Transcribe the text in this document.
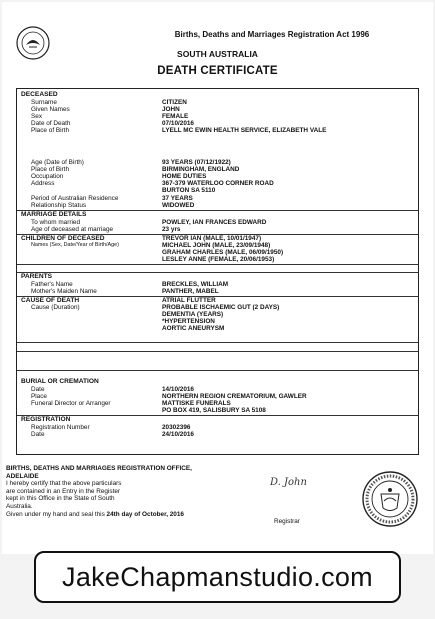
Births, Deaths and Marriages Registration Act 1996
SOUTH AUSTRALIA
DEATH CERTIFICATE
DECEASED
Surname	CITIZEN
Given Names	JOHN
Sex	FEMALE
Date of Death	07/10/2016
Place of Birth	LYELL MC EWIN HEALTH SERVICE, ELIZABETH VALE
Age (Date of Birth)	93 YEARS (07/12/1922)
Place of Birth	BIRMINGHAM, ENGLAND
Occupation	HOME DUTIES
Address	367-379 WATERLOO CORNER ROAD
BURTON SA 5110
Period of Australian Residence	37 YEARS
Relationship Status	WIDOWED
MARRIAGE DETAILS
To whom married	POWLEY, IAN FRANCES EDWARD
Age of deceased at marriage	23 yrs
CHILDREN OF DECEASED
Names (Sex, Date/Year of Birth/Age)
TREVOR IAN (MALE, 10/01/1947)
MICHAEL JOHN (MALE, 23/09/1948)
GRAHAM CHARLES (MALE, 06/09/1950)
LESLEY ANNE (FEMALE, 20/06/1953)
PARENTS
Father's Name	BRECKLES, WILLIAM
Mother's Maiden Name	PANTHER, MABEL
CAUSE OF DEATH
Cause (Duration)
ATRIAL FLUTTER
PROBABLE ISCHAEMIC GUT (2 DAYS)
DEMENTIA (YEARS)
*HYPERTENSION
AORTIC ANEURYSM
BURIAL OR CREMATION
Date	14/10/2016
Place	NORTHERN REGION CREMATORIUM, GAWLER
Funeral Director or Arranger	MATTISKE FUNERALS
PO BOX 419, SALISBURY SA 5108
REGISTRATION
Registration Number	20302396
Date	24/10/2016
BIRTHS, DEATHS AND MARRIAGES REGISTRATION OFFICE,
ADELAIDE
I hereby certify that the above particulars
are contained in an Entry in the Register
kept in this Office in the State of South
Australia.
Given under my hand and seal this 24th day of October, 2016
D. John
Registrar
JakeChapmanstudio.com
